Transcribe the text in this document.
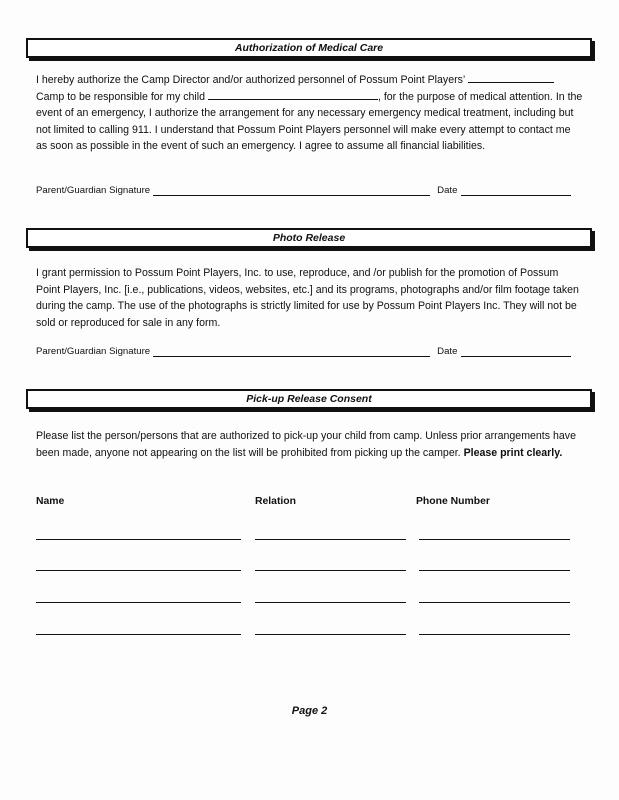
Authorization of Medical Care
I hereby authorize the Camp Director and/or authorized personnel of Possum Point Players’
Camp to be responsible for my child	, for the purpose of medical attention. In the event of an emergency, I authorize the arrangement for any necessary emergency medical treatment, including but not limited to calling 911. I understand that Possum Point Players personnel will make every attempt to contact me as soon as possible in the event of such an emergency. I agree to assume all financial liabilities.
Parent/Guardian Signature	Date
Photo Release
I grant permission to Possum Point Players, Inc. to use, reproduce, and /or publish for the promotion of Possum Point Players, Inc. [i.e., publications, videos, websites, etc.] and its programs, photographs and/or film footage taken during the camp. The use of the photographs is strictly limited for use by Possum Point Players Inc. They will not be sold or reproduced for sale in any form.
Parent/Guardian Signature	Date
Pick-up Release Consent
Please list the person/persons that are authorized to pick-up your child from camp. Unless prior arrangements have been made, anyone not appearing on the list will be prohibited from picking up the camper. Please print clearly.
Name	Relation	Phone Number
Page 2
